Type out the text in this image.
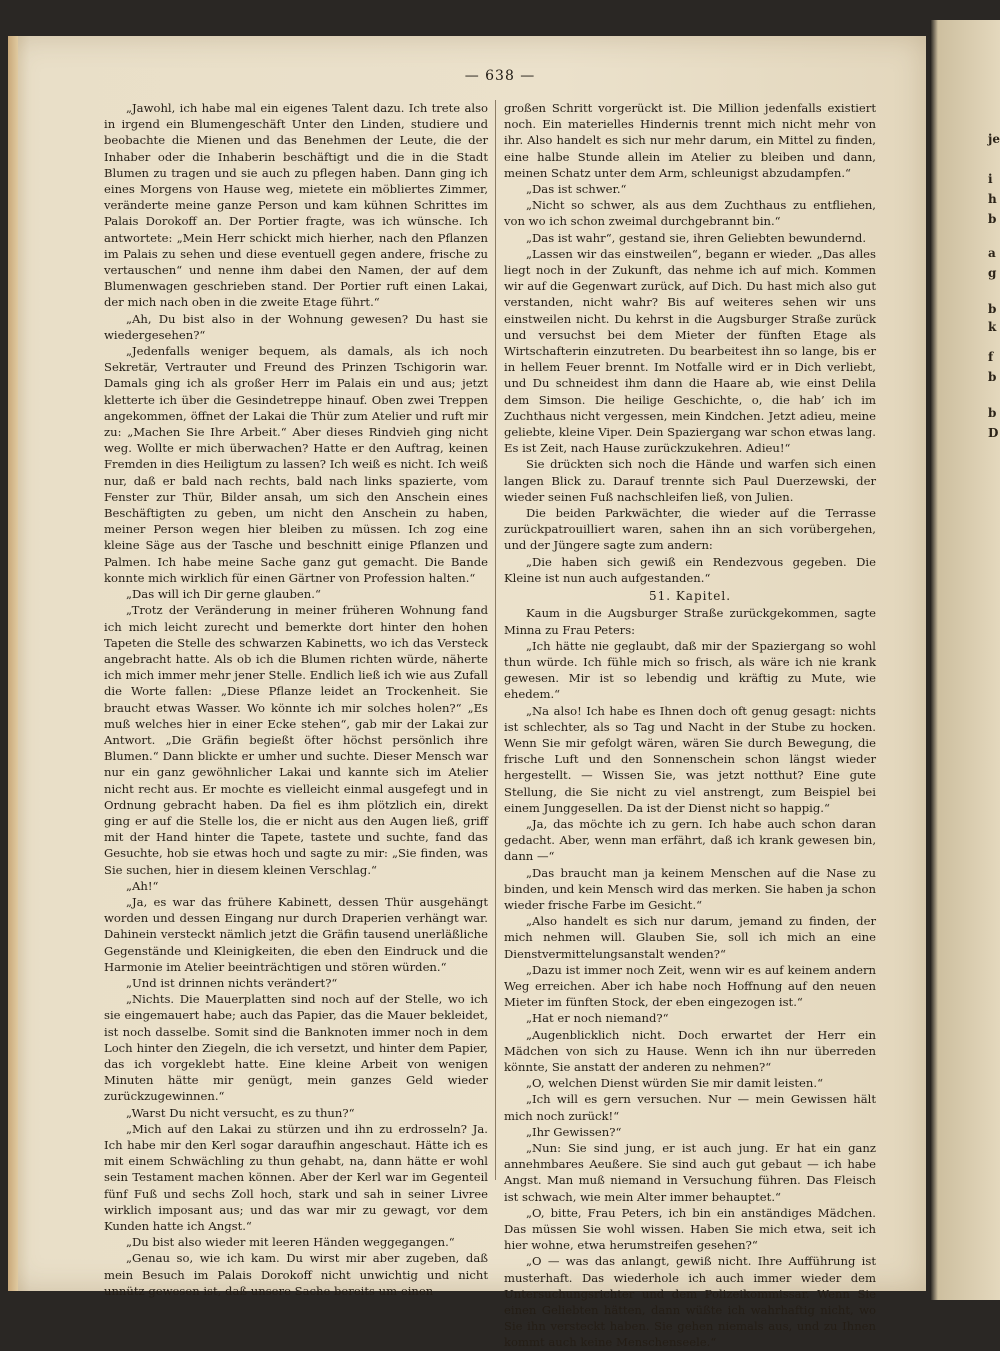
je
i
h
b
a
g
b
k
f
b
b
D
— 638 —

„Jawohl, ich habe mal ein eigenes Talent dazu. Ich trete also in irgend ein Blumengeschäft Unter den Linden, studiere und beobachte die Mienen und das Benehmen der Leute, die der Inhaber oder die Inhaberin beschäftigt und die in die Stadt Blumen zu tragen und sie auch zu pflegen haben. Dann ging ich eines Morgens von Hause weg, mietete ein möbliertes Zimmer, veränderte meine ganze Person und kam kühnen Schrittes im Palais Dorokoff an. Der Portier fragte, was ich wünsche. Ich antwortete: „Mein Herr schickt mich hierher, nach den Pflanzen im Palais zu sehen und diese eventuell gegen andere, frische zu vertauschen“ und nenne ihm dabei den Namen, der auf dem Blumenwagen geschrieben stand. Der Portier ruft einen Lakai, der mich nach oben in die zweite Etage führt.“

„Ah, Du bist also in der Wohnung gewesen? Du hast sie wiedergesehen?“

„Jedenfalls weniger bequem, als damals, als ich noch Sekretär, Vertrauter und Freund des Prinzen Tschigorin war. Damals ging ich als großer Herr im Palais ein und aus; jetzt kletterte ich über die Gesindetreppe hinauf. Oben zwei Treppen angekommen, öffnet der Lakai die Thür zum Atelier und ruft mir zu: „Machen Sie Ihre Arbeit.“ Aber dieses Rindvieh ging nicht weg. Wollte er mich überwachen? Hatte er den Auftrag, keinen Fremden in dies Heiligtum zu lassen? Ich weiß es nicht. Ich weiß nur, daß er bald nach rechts, bald nach links spazierte, vom Fenster zur Thür, Bilder ansah, um sich den Anschein eines Beschäftigten zu geben, um nicht den Anschein zu haben, meiner Person wegen hier bleiben zu müssen. Ich zog eine kleine Säge aus der Tasche und beschnitt einige Pflanzen und Palmen. Ich habe meine Sache ganz gut gemacht. Die Bande konnte mich wirklich für einen Gärtner von Profession halten.“

„Das will ich Dir gerne glauben.“

„Trotz der Veränderung in meiner früheren Wohnung fand ich mich leicht zurecht und bemerkte dort hinter den hohen Tapeten die Stelle des schwarzen Kabinetts, wo ich das Versteck angebracht hatte. Als ob ich die Blumen richten würde, näherte ich mich immer mehr jener Stelle. Endlich ließ ich wie aus Zufall die Worte fallen: „Diese Pflanze leidet an Trockenheit. Sie braucht etwas Wasser. Wo könnte ich mir solches holen?“ „Es muß welches hier in einer Ecke stehen“, gab mir der Lakai zur Antwort. „Die Gräfin begießt öfter höchst persönlich ihre Blumen.“ Dann blickte er umher und suchte. Dieser Mensch war nur ein ganz gewöhnlicher Lakai und kannte sich im Atelier nicht recht aus. Er mochte es vielleicht einmal ausgefegt und in Ordnung gebracht haben. Da fiel es ihm plötzlich ein, direkt ging er auf die Stelle los, die er nicht aus den Augen ließ, griff mit der Hand hinter die Tapete, tastete und suchte, fand das Gesuchte, hob sie etwas hoch und sagte zu mir: „Sie finden, was Sie suchen, hier in diesem kleinen Verschlag.“

„Ah!“

„Ja, es war das frühere Kabinett, dessen Thür ausgehängt worden und dessen Eingang nur durch Draperien verhängt war. Dahinein versteckt nämlich jetzt die Gräfin tausend unerläßliche Gegenstände und Kleinigkeiten, die eben den Eindruck und die Harmonie im Atelier beeinträchtigen und stören würden.“

„Und ist drinnen nichts verändert?“

„Nichts. Die Mauerplatten sind noch auf der Stelle, wo ich sie eingemauert habe; auch das Papier, das die Mauer bekleidet, ist noch dasselbe. Somit sind die Banknoten immer noch in dem Loch hinter den Ziegeln, die ich versetzt, und hinter dem Papier, das ich vorgeklebt hatte. Eine kleine Arbeit von wenigen Minuten hätte mir genügt, mein ganzes Geld wieder zurückzugewinnen.“

„Warst Du nicht versucht, es zu thun?“

„Mich auf den Lakai zu stürzen und ihn zu erdrosseln? Ja. Ich habe mir den Kerl sogar daraufhin angeschaut. Hätte ich es mit einem Schwächling zu thun gehabt, na, dann hätte er wohl sein Testament machen können. Aber der Kerl war im Gegenteil fünf Fuß und sechs Zoll hoch, stark und sah in seiner Livree wirklich imposant aus; und das war mir zu gewagt, vor dem Kunden hatte ich Angst.“

„Du bist also wieder mit leeren Händen weggegangen.“

„Genau so, wie ich kam. Du wirst mir aber zugeben, daß mein Besuch im Palais Dorokoff nicht unwichtig und nicht unnütz gewesen ist, daß unsere Sache bereits um einen

großen Schritt vorgerückt ist. Die Million jedenfalls existiert noch. Ein materielles Hindernis trennt mich nicht mehr von ihr. Also handelt es sich nur mehr darum, ein Mittel zu finden, eine halbe Stunde allein im Atelier zu bleiben und dann, meinen Schatz unter dem Arm, schleunigst abzudampfen.“

„Das ist schwer.“

„Nicht so schwer, als aus dem Zuchthaus zu entfliehen, von wo ich schon zweimal durchgebrannt bin.“

„Das ist wahr“, gestand sie, ihren Geliebten bewundernd.

„Lassen wir das einstweilen“, begann er wieder. „Das alles liegt noch in der Zukunft, das nehme ich auf mich. Kommen wir auf die Gegenwart zurück, auf Dich. Du hast mich also gut verstanden, nicht wahr? Bis auf weiteres sehen wir uns einstweilen nicht. Du kehrst in die Augsburger Straße zurück und versuchst bei dem Mieter der fünften Etage als Wirtschafterin einzutreten. Du bearbeitest ihn so lange, bis er in hellem Feuer brennt. Im Notfalle wird er in Dich verliebt, und Du schneidest ihm dann die Haare ab, wie einst Delila dem Simson. Die heilige Geschichte, o, die hab’ ich im Zuchthaus nicht vergessen, mein Kindchen. Jetzt adieu, meine geliebte, kleine Viper. Dein Spaziergang war schon etwas lang. Es ist Zeit, nach Hause zurückzukehren. Adieu!“

Sie drückten sich noch die Hände und warfen sich einen langen Blick zu. Darauf trennte sich Paul Duerzewski, der wieder seinen Fuß nachschleifen ließ, von Julien.

Die beiden Parkwächter, die wieder auf die Terrasse zurückpatrouilliert waren, sahen ihn an sich vorübergehen, und der Jüngere sagte zum andern:

„Die haben sich gewiß ein Rendezvous gegeben. Die Kleine ist nun auch aufgestanden.“

51. Kapitel.

Kaum in die Augsburger Straße zurückgekommen, sagte Minna zu Frau Peters:

„Ich hätte nie geglaubt, daß mir der Spaziergang so wohl thun würde. Ich fühle mich so frisch, als wäre ich nie krank gewesen. Mir ist so lebendig und kräftig zu Mute, wie ehedem.“

„Na also! Ich habe es Ihnen doch oft genug gesagt: nichts ist schlechter, als so Tag und Nacht in der Stube zu hocken. Wenn Sie mir gefolgt wären, wären Sie durch Bewegung, die frische Luft und den Sonnenschein schon längst wieder hergestellt. — Wissen Sie, was jetzt notthut? Eine gute Stellung, die Sie nicht zu viel anstrengt, zum Beispiel bei einem Junggesellen. Da ist der Dienst nicht so happig.“

„Ja, das möchte ich zu gern. Ich habe auch schon daran gedacht. Aber, wenn man erfährt, daß ich krank gewesen bin, dann —“

„Das braucht man ja keinem Menschen auf die Nase zu binden, und kein Mensch wird das merken. Sie haben ja schon wieder frische Farbe im Gesicht.“

„Also handelt es sich nur darum, jemand zu finden, der mich nehmen will. Glauben Sie, soll ich mich an eine Dienstvermittelungsanstalt wenden?“

„Dazu ist immer noch Zeit, wenn wir es auf keinem andern Weg erreichen. Aber ich habe noch Hoffnung auf den neuen Mieter im fünften Stock, der eben eingezogen ist.“

„Hat er noch niemand?“

„Augenblicklich nicht. Doch erwartet der Herr ein Mädchen von sich zu Hause. Wenn ich ihn nur überreden könnte, Sie anstatt der anderen zu nehmen?“

„O, welchen Dienst würden Sie mir damit leisten.“

„Ich will es gern versuchen. Nur — mein Gewissen hält mich noch zurück!“

„Ihr Gewissen?“

„Nun: Sie sind jung, er ist auch jung. Er hat ein ganz annehmbares Aeußere. Sie sind auch gut gebaut — ich habe Angst. Man muß niemand in Versuchung führen. Das Fleisch ist schwach, wie mein Alter immer behauptet.“

„O, bitte, Frau Peters, ich bin ein anständiges Mädchen. Das müssen Sie wohl wissen. Haben Sie mich etwa, seit ich hier wohne, etwa herumstreifen gesehen?“

„O — was das anlangt, gewiß nicht. Ihre Aufführung ist musterhaft. Das wiederhole ich auch immer wieder dem Untersuchungsrichter und dem Polizeikommissar. Wenn Sie einen Geliebten hätten, dann wüßte ich wahrhaftig nicht, wo Sie ihn versteckt haben. Sie gehen niemals aus, und zu Ihnen kommt auch keine Menschenseele.“
